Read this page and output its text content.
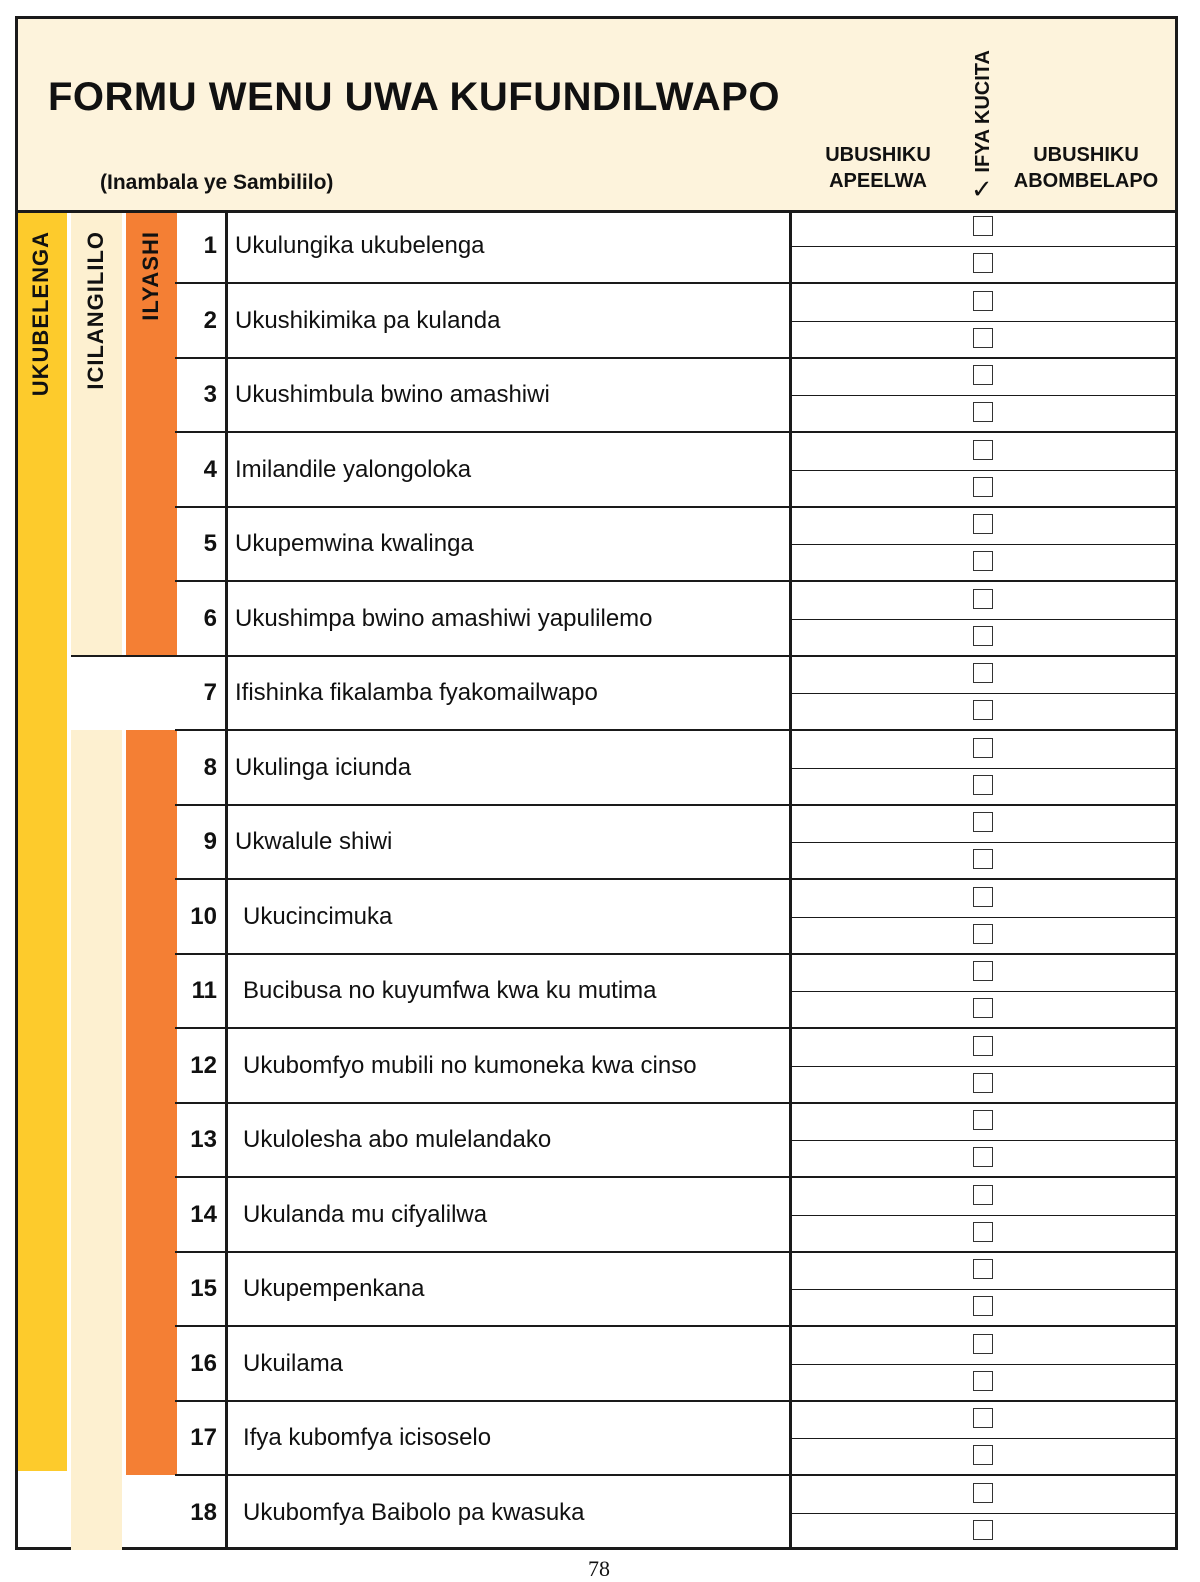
FORMU WENU UWA KUFUNDILWAPO
(Inambala ye Sambililo)
UBUSHIKU APEELWA
IFYA KUCITA
✓
UBUSHIKU ABOMBELAPO
UKUBELENGA ICILANGILILO ILYASHI	1 Ukulungika ukubelenga
2 Ukushikimika pa kulanda
3 Ukushimbula bwino amashiwi
4 Imilandile yalongoloka
5 Ukupemwina kwalinga
6 Ukushimpa bwino amashiwi yapulilemo
7 Ifishinka fikalamba fyakomailwapo
8 Ukulinga iciunda
9 Ukwalule shiwi
10 Ukucincimuka
11 Bucibusa no kuyumfwa kwa ku mutima
12 Ukubomfyo mubili no kumoneka kwa cinso
13 Ukulolesha abo mulelandako
14 Ukulanda mu cifyalilwa
15 Ukupempenkana
16 Ukuilama
17 Ifya kubomfya icisoselo
18 Ukubomfya Baibolo pa kwasuka
78
